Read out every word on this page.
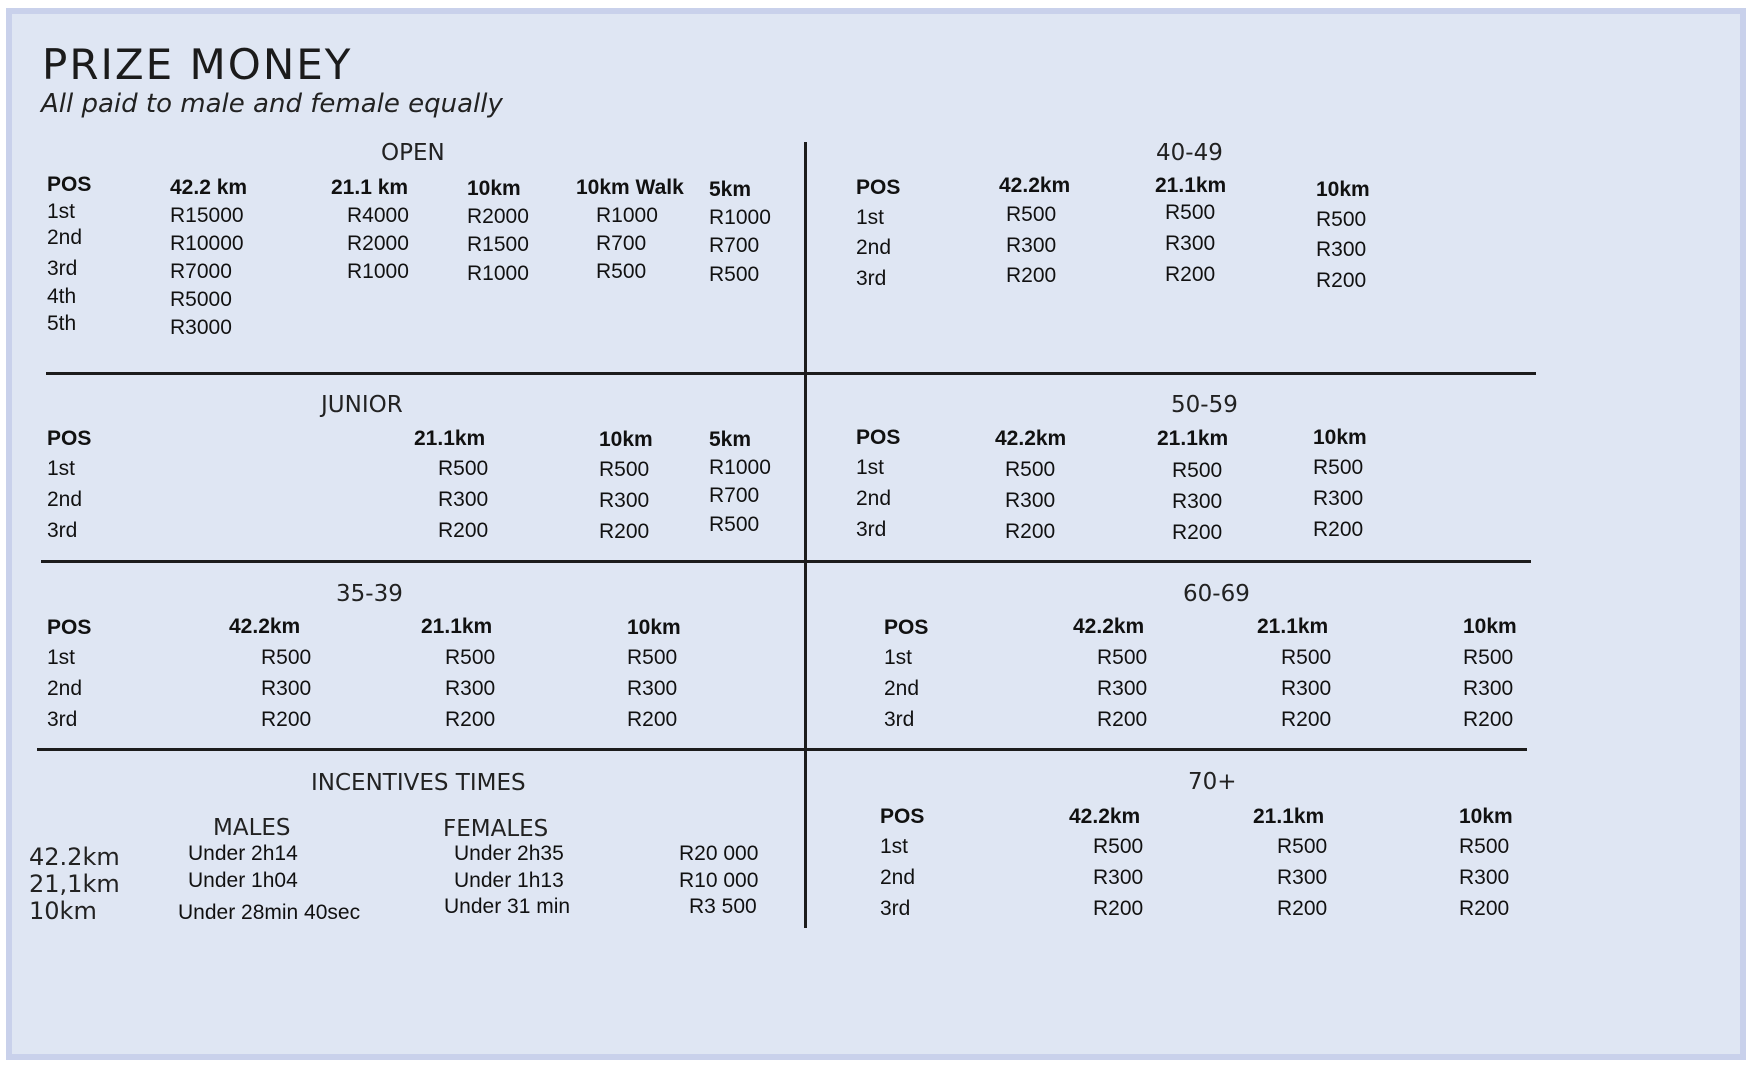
PRIZE MONEY
All paid to male and female equally
OPEN
POS
1st
2nd
3rd
4th
5th
42.2 km
R15000
R10000
R7000
R5000
R3000
21.1 km
R4000
R2000
R1000
10km
R2000
R1500
R1000
10km Walk
R1000
R700
R500
5km
R1000
R700
R500
40-49
POS
1st
2nd
3rd
42.2km
R500
R300
R200
21.1km
R500
R300
R200
10km
R500
R300
R200
JUNIOR
POS
1st
2nd
3rd
21.1km
R500
R300
R200
10km
R500
R300
R200
5km
R1000
R700
R500
50-59
POS
1st
2nd
3rd
42.2km
R500
R300
R200
21.1km
R500
R300
R200
10km
R500
R300
R200
35-39
POS
1st
2nd
3rd
42.2km
R500
R300
R200
21.1km
R500
R300
R200
10km
R500
R300
R200
60-69
POS
1st
2nd
3rd
42.2km
R500
R300
R200
21.1km
R500
R300
R200
10km
R500
R300
R200
INCENTIVES TIMES
MALES	FEMALES
42.2km
21,1km
10km
Under 2h14
Under 1h04
Under 28min 40sec
Under 2h35
Under 1h13
Under 31 min
R20 000
R10 000
R3 500
70+
POS
1st
2nd
3rd
42.2km
R500
R300
R200
21.1km
R500
R300
R200
10km
R500
R300
R200
